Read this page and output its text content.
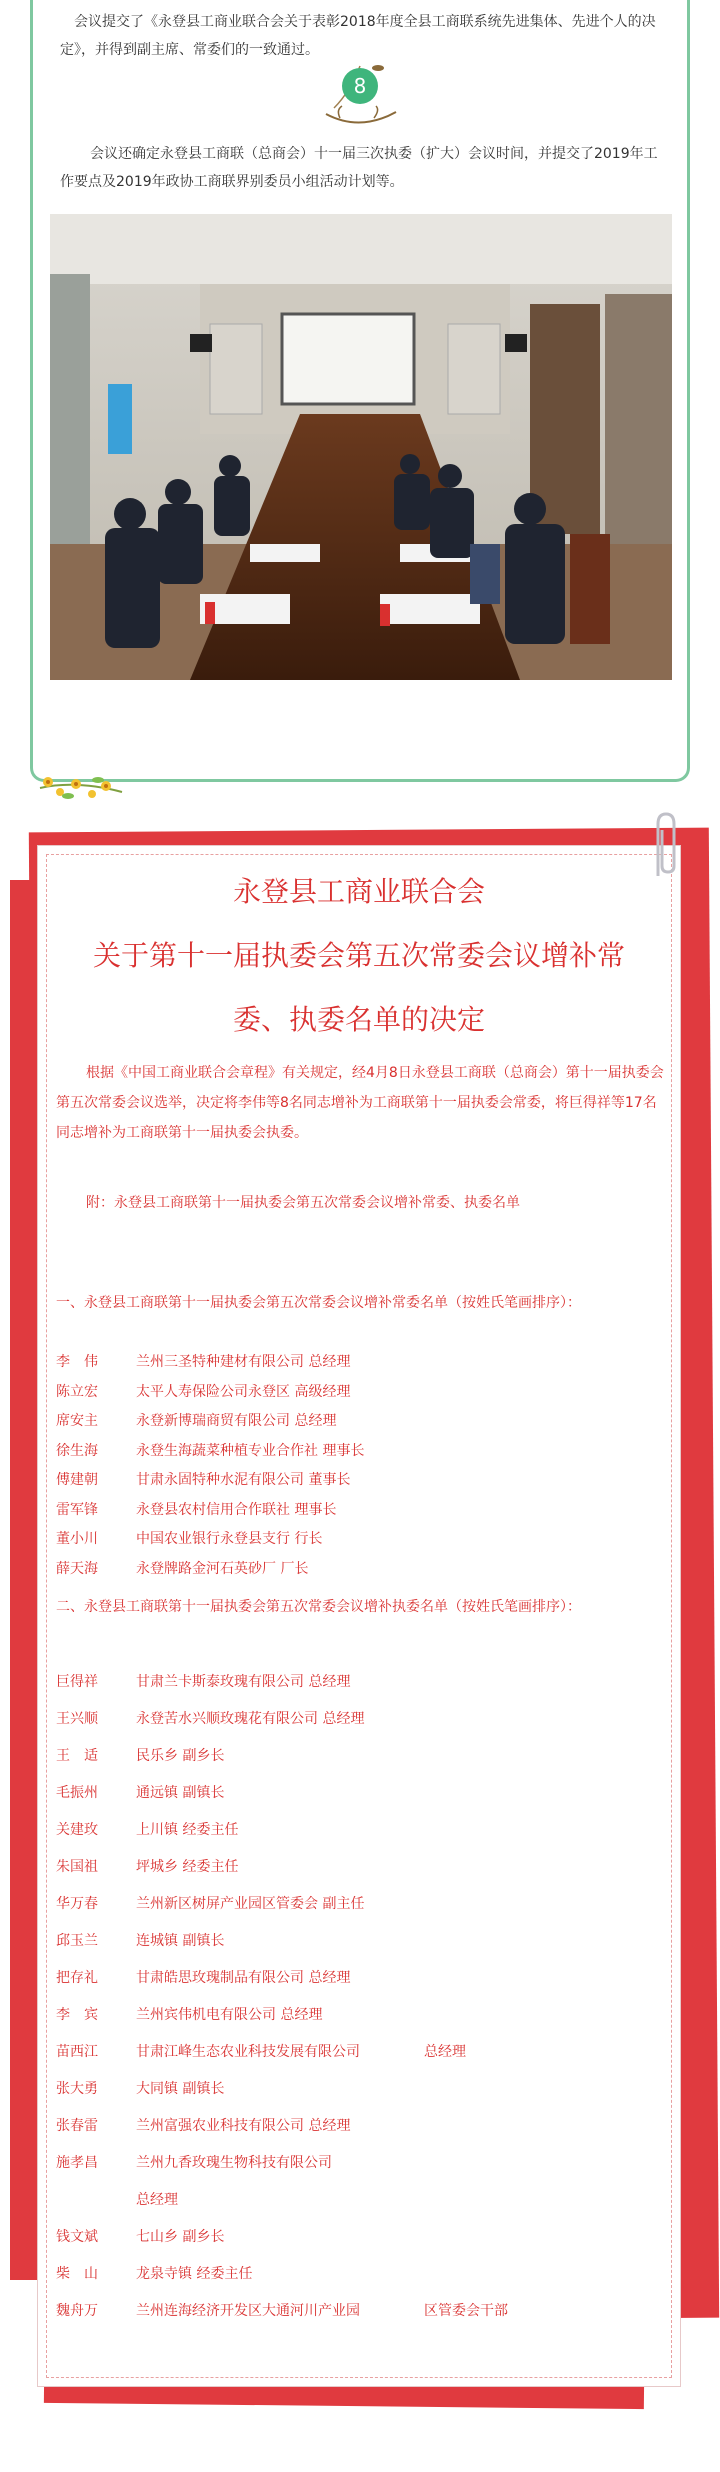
会议提交了《永登县工商业联合会关于表彰2018年度全县工商联系统先进集体、先进个人的决定》，并得到副主席、常委们的一致通过。
8
会议还确定永登县工商联（总商会）十一届三次执委（扩大）会议时间，并提交了2019年工作要点及2019年政协工商联界别委员小组活动计划等。
永登县工商业联合会
关于第十一届执委会第五次常委会议增补常
委、执委名单的决定
根据《中国工商业联合会章程》有关规定，经4月8日永登县工商联（总商会）第十一届执委会第五次常委会议选举，决定将李伟等8名同志增补为工商联第十一届执委会常委，将巨得祥等17名同志增补为工商联第十一届执委会执委。
附：永登县工商联第十一届执委会第五次常委会议增补常委、执委名单
一、永登县工商联第十一届执委会第五次常委会议增补常委名单（按姓氏笔画排序）：
李　伟	兰州三圣特种建材有限公司 总经理
陈立宏	太平人寿保险公司永登区 高级经理
席安主	永登新博瑞商贸有限公司 总经理
徐生海	永登生海蔬菜种植专业合作社 理事长
傅建朝	甘肃永固特种水泥有限公司 董事长
雷军锋	永登县农村信用合作联社 理事长
董小川	中国农业银行永登县支行 行长
薛天海	永登牌路金河石英砂厂 厂长
二、永登县工商联第十一届执委会第五次常委会议增补执委名单（按姓氏笔画排序）：
巨得祥	甘肃兰卡斯泰玫瑰有限公司 总经理
王兴顺	永登苦水兴顺玫瑰花有限公司 总经理
王　适	民乐乡 副乡长
毛振州	通远镇 副镇长
关建玫	上川镇 经委主任
朱国祖	坪城乡 经委主任
华万春	兰州新区树屏产业园区管委会 副主任
邱玉兰	连城镇 副镇长
把存礼	甘肃皓思玫瑰制品有限公司 总经理
李　宾	兰州宾伟机电有限公司 总经理
苗西江	甘肃江峰生态农业科技发展有限公司	总经理
张大勇	大同镇 副镇长
张春雷	兰州富强农业科技有限公司 总经理
施孝昌	兰州九香玫瑰生物科技有限公司
总经理
钱文斌	七山乡 副乡长
柴　山	龙泉寺镇 经委主任
魏舟万	兰州连海经济开发区大通河川产业园	区管委会干部
